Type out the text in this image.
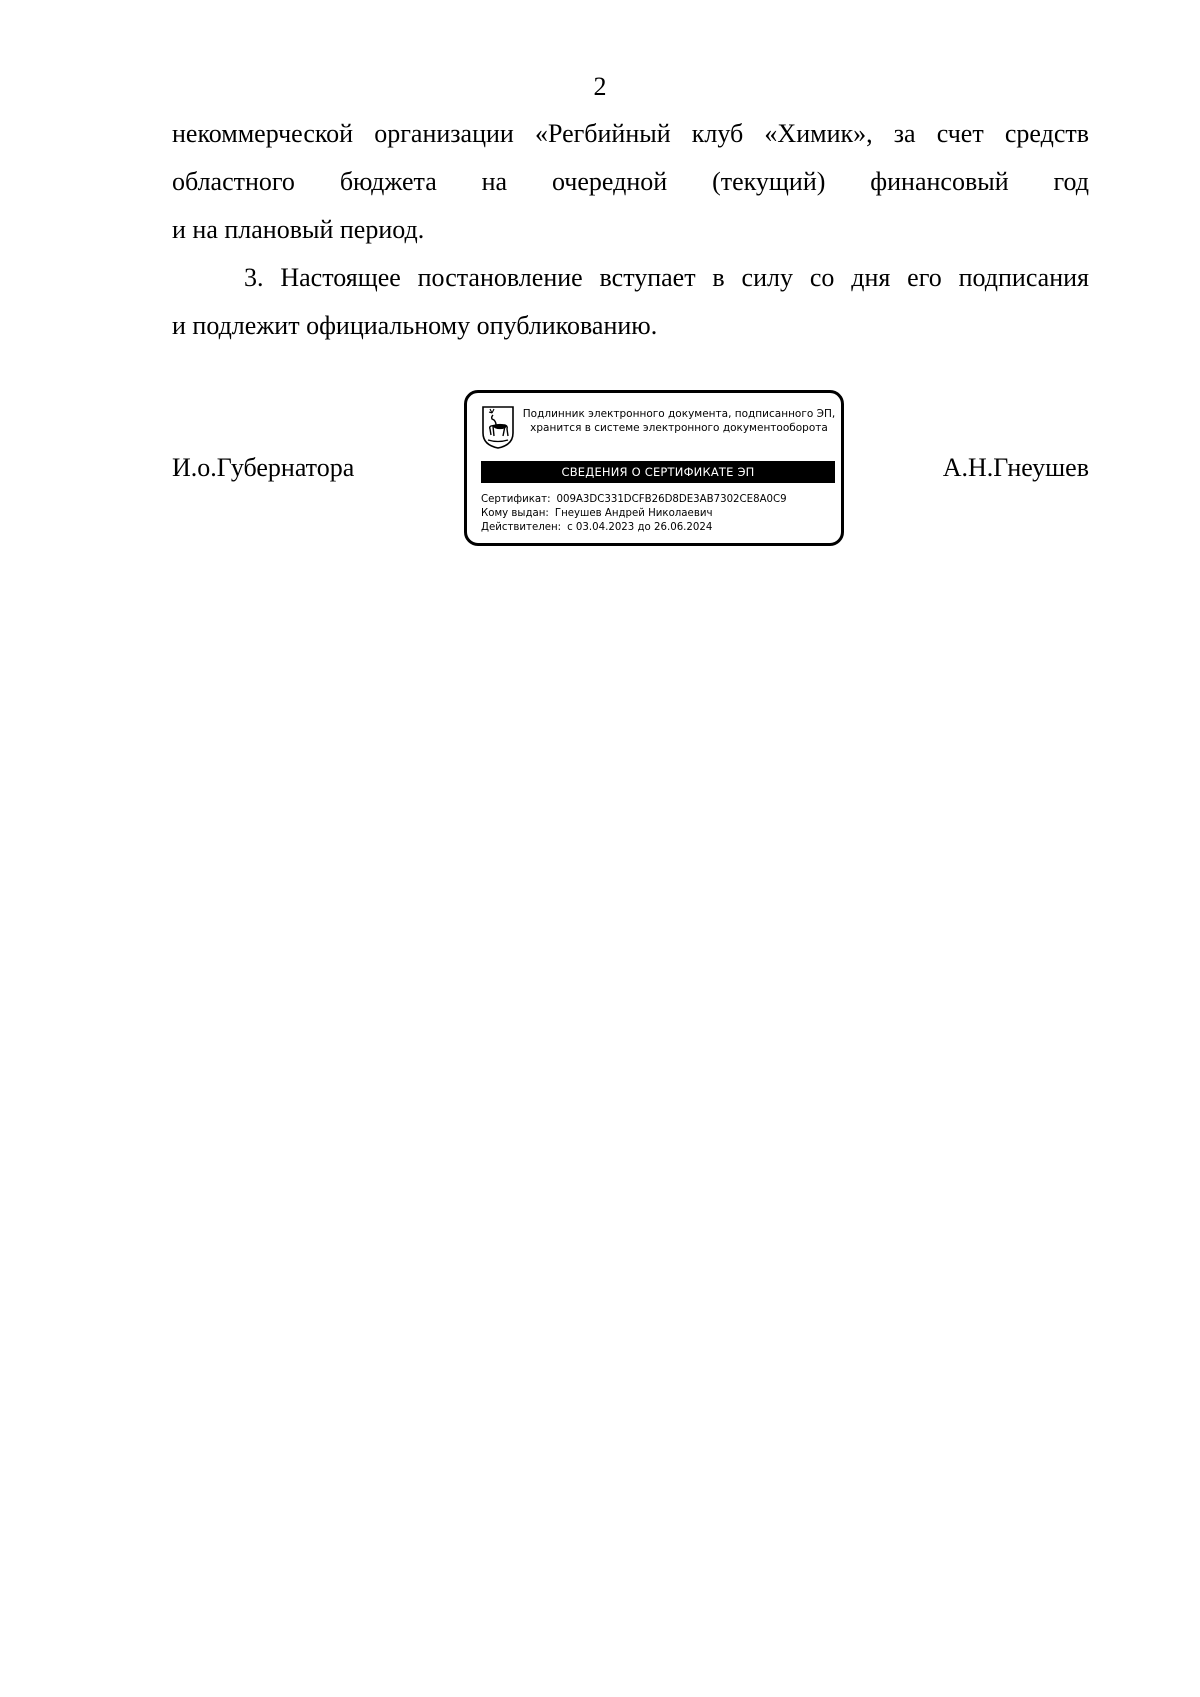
2
некоммерческой организации «Регбийный клуб «Химик», за счет средств
областного бюджета на очередной (текущий) финансовый год
и на плановый период.
3. Настоящее постановление вступает в силу со дня его подписания
и подлежит официальному опубликованию.
И.о.Губернатора	А.Н.Гнеушев
Подлинник электронного документа, подписанного ЭП,
хранится в системе электронного документооборота
СВЕДЕНИЯ О СЕРТИФИКАТЕ ЭП
Сертификат: 009A3DC331DCFB26D8DE3AB7302CE8A0C9
Кому выдан: Гнеушев Андрей Николаевич
Действителен: с 03.04.2023 до 26.06.2024
